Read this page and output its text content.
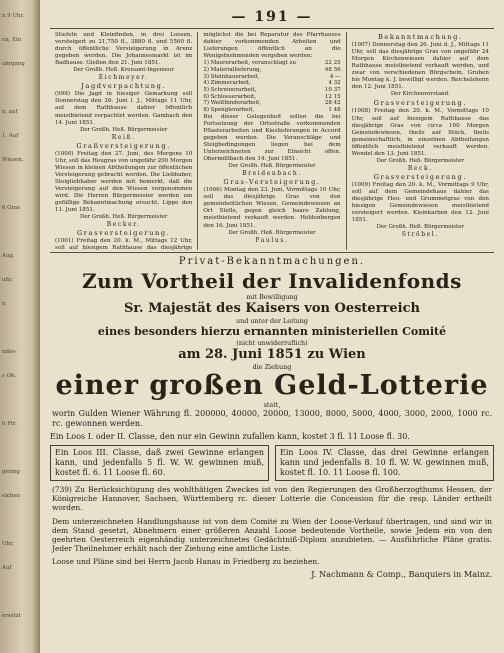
n 9 Uhr,
en, Ein
ahrgang
n, auf
1. Auf
Wiesen,
6 Gras
Aug.
uhr,
n
ndes-
s Ob.
6 Ftr.
gering
eichen
Uhr,
Auf
ersetzt
— 191 —
Stiefeln und Kleinfinden, in drei Loosen, versteigert zu 21,750 fl., 3880 fl. und 5560 fl. durch öffentliche Versteigerung in Arenz gegeben werden. Die Johannesmarkt ist im Badhause. Gießen den 21. Juni 1851.
Der Großh. Heß. Kreisamt-Ingenieur
Eichmeyer.
Jagdverpachtung.
(999) Die Jagd in hiesiger Gemarkung soll Donnerstag den 26. Juni l. J., Mittags 11 Uhr, auf dem Rathhause dahier öffentlich meistbietend verpachtet werden. Gambach den 14. Juni 1851.
Der Großh. Heß. Bürgermeister
Reiß.
Graßversteigerung.
(1000) Freitag den 27. Juni, des Morgens 10 Uhr, soll das Heugras von ungefähr 200 Morgen Wiesen in kleinen Abtheilungen zur öffentlichen Versteigerung gebracht werden. Die Liebhaber, Steigliebhaber werden mit bemerkt, daß die Versteigerung auf den Wiesen vorgenommen wird. Die Herren Bürgermeister werden um gefällige Bekanntmachung ersucht. Lippe den 11. Juni 1851.
Der Großh. Heß. Bürgermeister
Becker.
Grasversteigerung.
(1001) Freitag den 20. k. M., Mittags 12 Uhr, soll auf hiesigem Rathhause das diesjährige

möglichst die bei Reparatur des Pfarrhauses dahier vorkommenden Arbeiten und Lieferungen öffentlich an die Wenigstnehmenden vergeben werden:
1)	Maurerarbeit, veranschlagt zu	22 25
2)	Materiallieferung,	48 56
3)	Steinhauerarbeit,	4 —
4)	Zimmerarbeit,	4 32
5)	Schreinerarbeit,	10 37
6)	Schlosserarbeit,	12 15
7)	Weißbinderarbeit,	28 42
8)	Spenglerarbeit,	1 48
Bei dieser Gelegenheit sollen die bei Fortsetzung der Ortsstraße vorkommenden Pflasterarbeiten und Kieslieferungen in Accord gegeben werden. Die Voranschläge und Steigbedingungen liegen bei dem Unterzeichneten zur Einsicht offen. Obermöllbach den 14. Juni 1851.
Der Großh. Heß. Bürgermeister
Breidenbach.
Gras-Versteigerung.
(1006) Montag den 23. Juni, Vormittags 10 Uhr, soll das diesjährige Gras von den gemeinheitlichen Wiesen, Gemeindewiesen an Ort Stelle, gegen gleich baare Zahlung, meistbietend verkauft werden. Heldenbergen den 16. Juni 1851.
Der Großh. Heß. Bürgermeister
Paulus.
Bekanntmachung.
(1007) Donnerstag den 26. Juni d. J., Mittags 11 Uhr, soll das diesjährige Gras von ungefähr 24 Morgen Kirchenwiesen dahier auf dem Rathhause meistbietend verkauft werden, und zwar von verschiedenen Bürgschein, Gruben bis Montag k. J. bewilligt werden. Reichelsheim den 12. Juni 1851.
Der Kirchenvorstand.
Grasversteigerung.
(1008) Freitag den 20. k. M., Vormittags 10 Uhr, soll auf hiesigem Rathhause das diesjährige Gras von circa 100 Morgen Gemeindewiesen, theils auf Stück, theils gemeinschaftlich, in einzelnen Abtheilungen öffentlich meistbietend verkauft werden. Wendel den 13. Juni 1851.
Der Großh. Heß. Bürgermeister
Beck.
Grasversteigerung.
(1009) Freitag den 20. k. M., Vormittags 9 Uhr, soll auf dem Gemeindehaus dahier das diesjährige Heu- und Grummetgras von den hiesigen Gemeindewiesen meistbietend versteigert werden. Kleinkarben den 12. Juni 1851.
Der Großh. Heß. Bürgermeister
Ströbel.
Privat-Bekanntmachungen.
Zum Vortheil der Invalidenfonds
mit Bewilligung
Sr. Majestät des Kaisers von Oesterreich
und unter der Leitung
eines besonders hierzu ernannten ministeriellen Comité
(nicht unwiderruflich)
am 28. Juni 1851 zu Wien
die Ziehung
einer großen Geld-Lotterie
statt,
worin Gulden Wiener Währung fl. 200000, 40000, 20000, 13000, 8000, 5000, 4000, 3000, 2000, 1000 rc. rc. gewonnen werden.
Ein Loos I. oder II. Classe, den nur ein Gewinn zufallen kann, kostet 3 fl. 11 Loose fl. 30.
Ein Loos III. Classe, daß zwei Gewinne erlangen kann, und jedenfalls 5 fl. W. W. gewinnen muß, kostet fl. 6. 11 Loose fl. 60.
Ein Loos IV. Classe, das drei Gewinne erlangen kann und jedenfalls 8. 10 fl. W. W. gewinnen muß, kostet fl. 10. 11 Loose fl. 100.
(739) Zu Berücksichtigung des wohlthätigen Zweckes ist von den Regierungen des Großherzogthums Hessen, der Königreiche Hannover, Sachsen, Württemberg rc. dieser Lotterie die Concession für die resp. Länder ertheilt worden.
Dem unterzeichneten Handlungshause ist von dem Comité zu Wien der Loose-Verkauf übertragen, und sind wir in dem Stand gesetzt, Abnehmern einer größeren Anzahl Loose bedeutende Vortheile, sowie Jedem ein von den geehrten Oesterreich eigenhändig unterzeichnetes Gedächtniß-Diplom anzubieten. — Ausführliche Pläne gratis. Jeder Theilnehmer erhält nach der Ziehung eine amtliche Liste.
Loose und Pläne sind bei Herrn Jacob Hanau in Friedberg zu beziehen.
J. Nachmann & Comp., Banquiers in Mainz.
